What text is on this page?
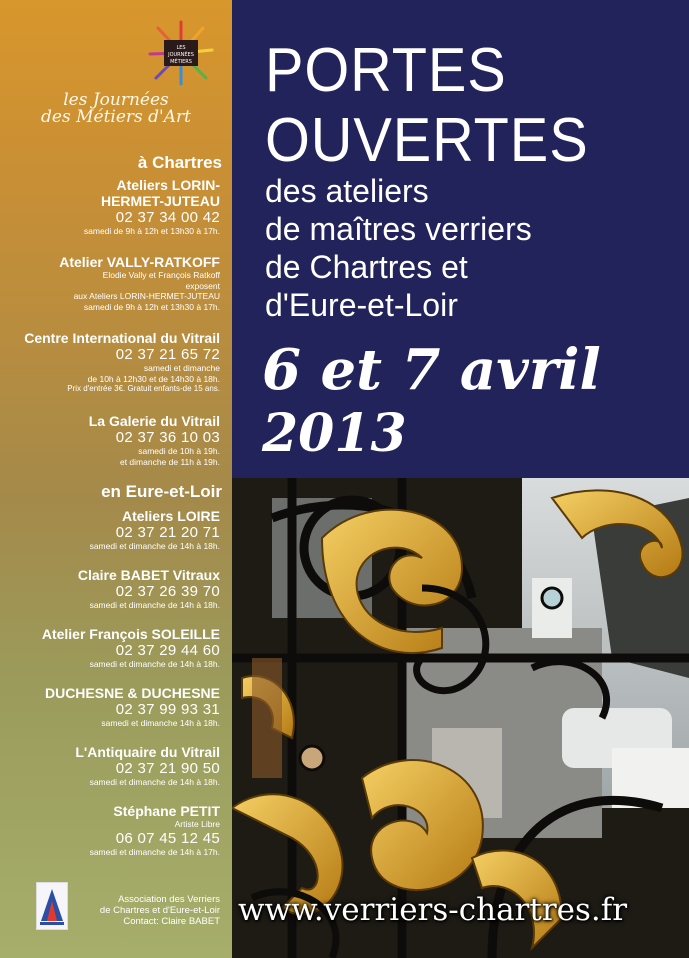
LES
JOURNÉES
MÉTIERS
les Journées
des Métiers d'Art
à Chartres
Ateliers LORIN-
HERMET-JUTEAU
02 37 34 00 42
samedi de 9h à 12h et 13h30 à 17h.
Atelier VALLY-RATKOFF
Elodie Vally et François Ratkoff
exposent
aux Ateliers LORIN-HERMET-JUTEAU
samedi de 9h à 12h et 13h30 à 17h.
Centre International du Vitrail
02 37 21 65 72
samedi et dimanche
de 10h à 12h30 et de 14h30 à 18h.
Prix d'entrée 3€. Gratuit enfants-de 15 ans.
La Galerie du Vitrail
02 37 36 10 03
samedi de 10h à 19h.
et dimanche de 11h à 19h.
en Eure-et-Loir
Ateliers LOIRE
02 37 21 20 71
samedi et dimanche de 14h à 18h.
Claire BABET Vitraux
02 37 26 39 70
samedi et dimanche de 14h à 18h.
Atelier François SOLEILLE
02 37 29 44 60
samedi et dimanche de 14h à 18h.
DUCHESNE & DUCHESNE
02 37 99 93 31
samedi et dimanche 14h à 18h.
L'Antiquaire du Vitrail
02 37 21 90 50
samedi et dimanche de 14h à 18h.
Stéphane PETIT
Artiste Libre
06 07 45 12 45
samedi et dimanche de 14h à 17h.
Association des Verriers
de Chartres et d'Eure-et-Loir
Contact: Claire BABET
PORTES
OUVERTES
des ateliers
de maîtres verriers
de Chartres et
d'Eure-et-Loir
6 et 7 avril
2013
www.verriers-chartres.fr
